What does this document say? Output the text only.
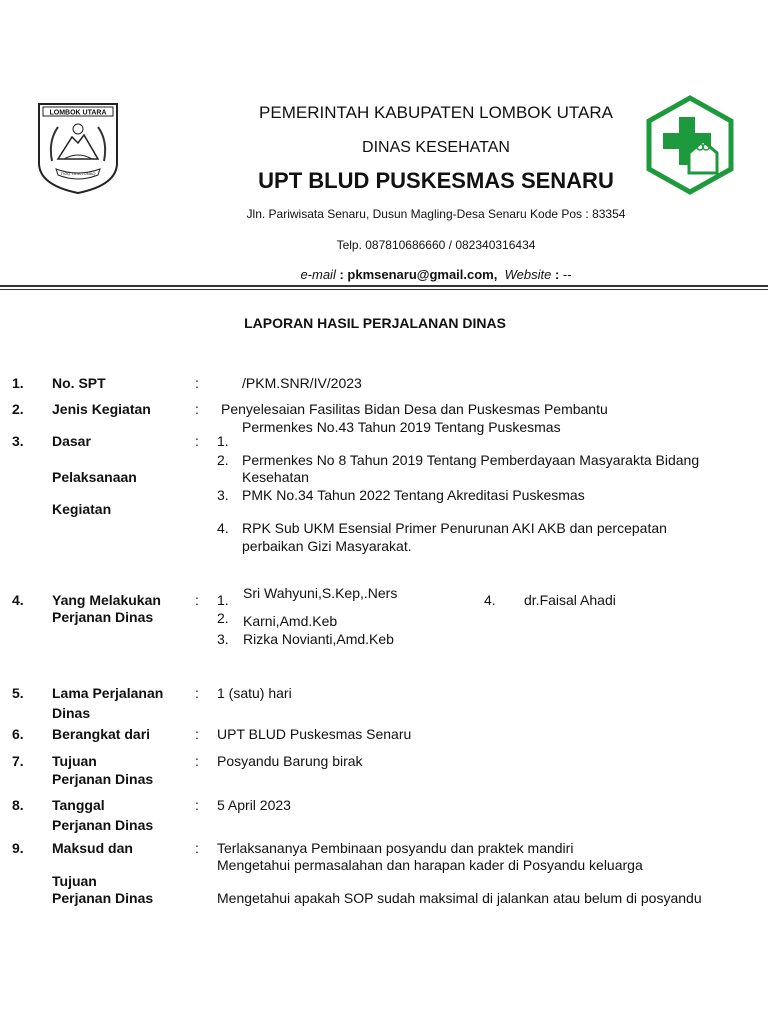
LOMBOK UTARA
TIOQ TATA TUNAQ
PEMERINTAH KABUPATEN LOMBOK UTARA
DINAS KESEHATAN
UPT BLUD PUSKESMAS SENARU
Jln. Pariwisata Senaru, Dusun Magling-Desa Senaru Kode Pos : 83354
Telp. 087810686660 / 082340316434
e-mail : pkmsenaru@gmail.com, Website : --
LAPORAN HASIL PERJALANAN DINAS
1. No. SPT	:	/PKM.SNR/IV/2023
2. Jenis Kegiatan	: Penyelesaian Fasilitas Bidan Desa dan Puskesmas Pembantu
3. Dasar
Pelaksanaan
Kegiatan
: 1.
Permenkes No.43 Tahun 2019 Tentang Puskesmas
2. Permenkes No 8 Tahun 2019 Tentang Pemberdayaan Masyarakta Bidang
Kesehatan
3. PMK No.34 Tahun 2022 Tentang Akreditasi Puskesmas
4. RPK Sub UKM Esensial Primer Penurunan AKI AKB dan percepatan
perbaikan Gizi Masyarakat.
4. Yang Melakukan
Perjanan Dinas
: 1. Sri Wahyuni,S.Kep,.Ners
2. Karni,Amd.Keb
3. Rizka Novianti,Amd.Keb
4. dr.Faisal Ahadi
5. Lama Perjalanan
Dinas
: 1 (satu) hari
6. Berangkat dari	: UPT BLUD Puskesmas Senaru
7. Tujuan
Perjanan Dinas
: Posyandu Barung birak
8. Tanggal
Perjanan Dinas
: 5 April 2023
9. Maksud dan
Tujuan
Perjanan Dinas
: Terlaksananya Pembinaan posyandu dan praktek mandiri
Mengetahui permasalahan dan harapan kader di Posyandu keluarga
Mengetahui apakah SOP sudah maksimal di jalankan atau belum di posyandu
